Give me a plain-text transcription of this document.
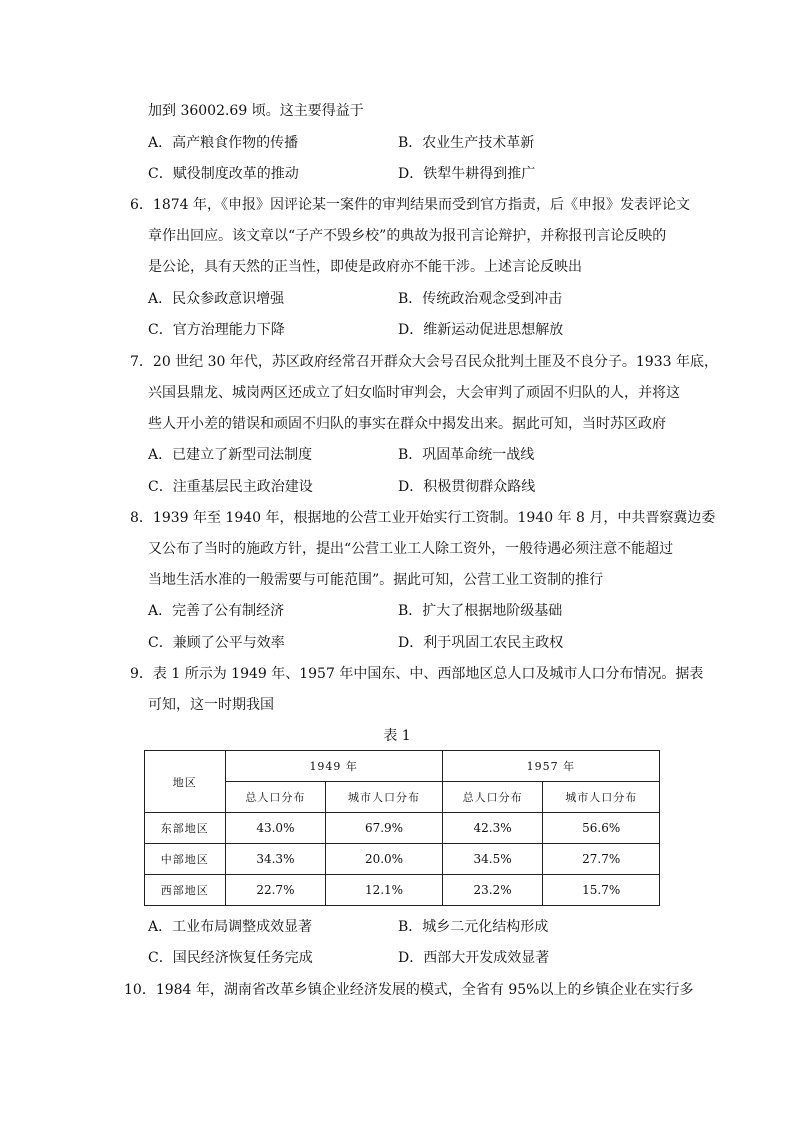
加到 36002.69 顷。这主要得益于
A．高产粮食作物的传播	B．农业生产技术革新
C．赋役制度改革的推动	D．铁犁牛耕得到推广
6．1874 年，《申报》因评论某一案件的审判结果而受到官方指责，后《申报》发表评论文
章作出回应。该文章以“子产不毁乡校”的典故为报刊言论辩护，并称报刊言论反映的
是公论，具有天然的正当性，即使是政府亦不能干涉。上述言论反映出
A．民众参政意识增强	B．传统政治观念受到冲击
C．官方治理能力下降	D．维新运动促进思想解放
7．20 世纪 30 年代，苏区政府经常召开群众大会号召民众批判土匪及不良分子。1933 年底，
兴国县鼎龙、城岗两区还成立了妇女临时审判会，大会审判了顽固不归队的人，并将这
些人开小差的错误和顽固不归队的事实在群众中揭发出来。据此可知，当时苏区政府
A．已建立了新型司法制度	B．巩固革命统一战线
C．注重基层民主政治建设	D．积极贯彻群众路线
8．1939 年至 1940 年，根据地的公营工业开始实行工资制。1940 年 8 月，中共晋察冀边委
又公布了当时的施政方针，提出“公营工业工人除工资外，一般待遇必须注意不能超过
当地生活水准的一般需要与可能范围”。据此可知，公营工业工资制的推行
A．完善了公有制经济	B．扩大了根据地阶级基础
C．兼顾了公平与效率	D．利于巩固工农民主政权
9．表 1 所示为 1949 年、1957 年中国东、中、西部地区总人口及城市人口分布情况。据表
可知，这一时期我国
表 1
地区	1949 年		1957 年	
	总人口分布	城市人口分布	总人口分布	城市人口分布
东部地区	43.0%	67.9%	42.3%	56.6%
中部地区	34.3%	20.0%	34.5%	27.7%
西部地区	22.7%	12.1%	23.2%	15.7%
A．工业布局调整成效显著	B．城乡二元化结构形成
C．国民经济恢复任务完成	D．西部大开发成效显著
10．1984 年，湖南省改革乡镇企业经济发展的模式，全省有 95%以上的乡镇企业在实行多
